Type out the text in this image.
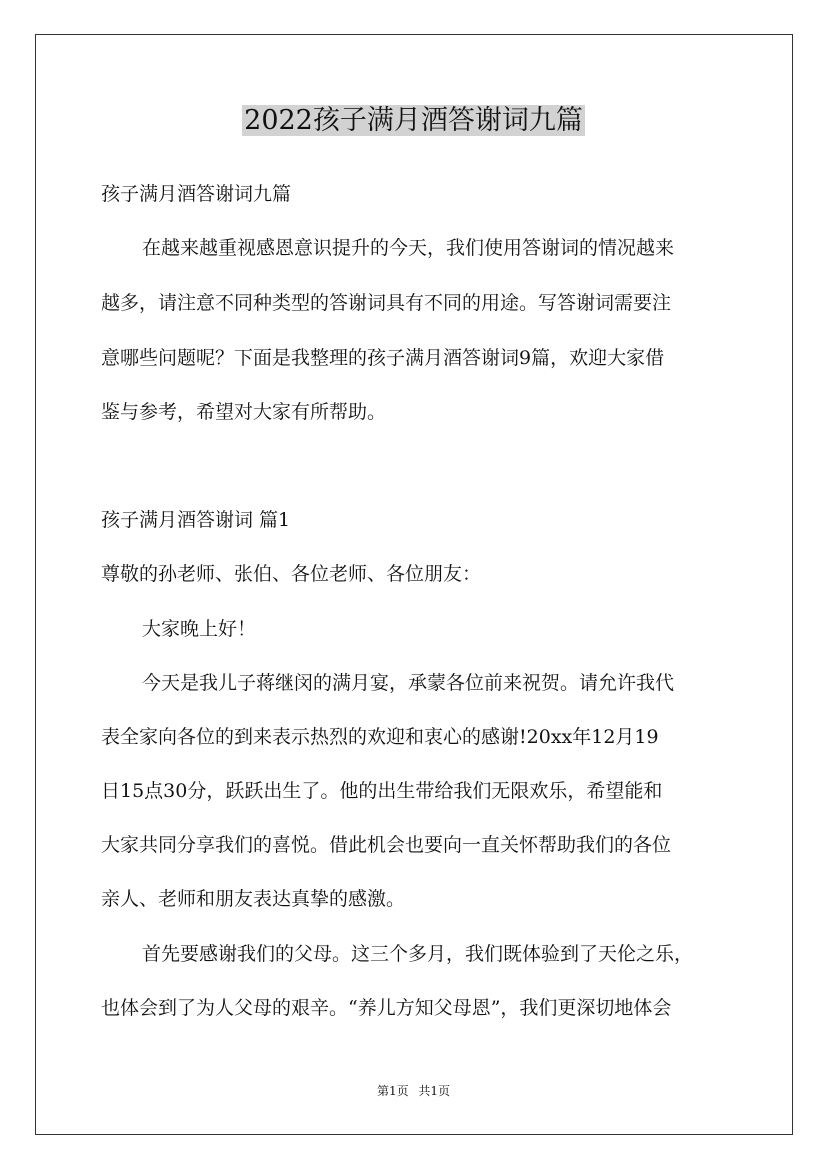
2022孩子满月酒答谢词九篇

孩子满月酒答谢词九篇

在越来越重视感恩意识提升的今天，我们使用答谢词的情况越来

越多，请注意不同种类型的答谢词具有不同的用途。写答谢词需要注

意哪些问题呢？下面是我整理的孩子满月酒答谢词9篇，欢迎大家借

鉴与参考，希望对大家有所帮助。

孩子满月酒答谢词 篇1

尊敬的孙老师、张伯、各位老师、各位朋友：

大家晚上好！

今天是我儿子蒋继闵的满月宴，承蒙各位前来祝贺。请允许我代

表全家向各位的到来表示热烈的欢迎和衷心的感谢!20xx年12月19

日15点30分，跃跃出生了。他的出生带给我们无限欢乐，希望能和

大家共同分享我们的喜悦。借此机会也要向一直关怀帮助我们的各位

亲人、老师和朋友表达真挚的感激。

首先要感谢我们的父母。这三个多月，我们既体验到了天伦之乐，

也体会到了为人父母的艰辛。“养儿方知父母恩”，我们更深切地体会

第1页 共1页
